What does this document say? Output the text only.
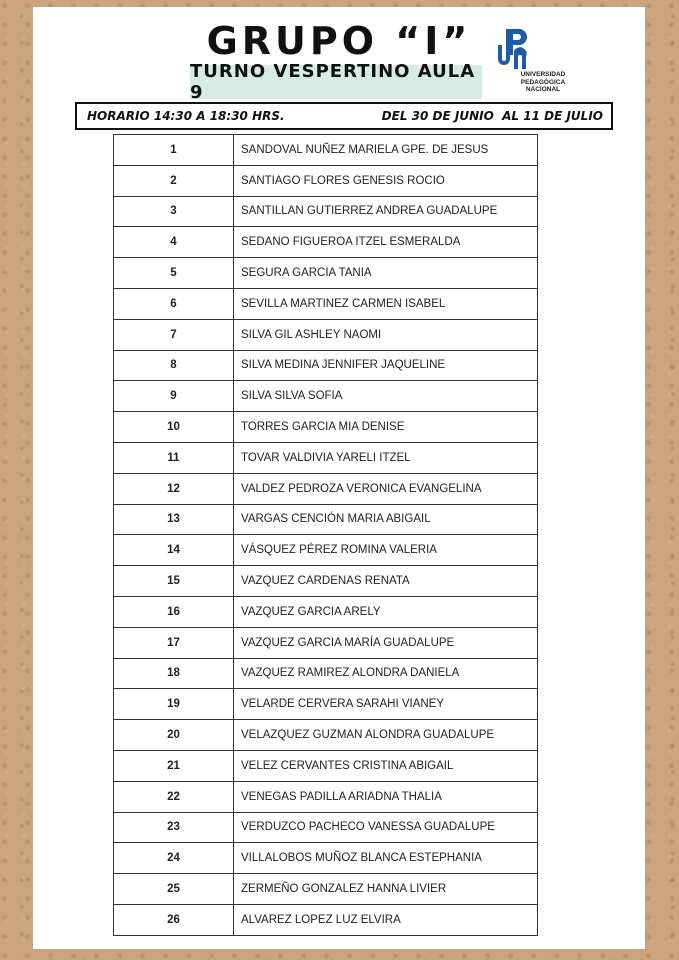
GRUPO “I”
TURNO VESPERTINO AULA 9
UNIVERSIDAD
PEDAGÓGICA
NACIONAL
HORARIO 14:30 A 18:30 HRS.	DEL 30 DE JUNIO  AL 11 DE JULIO
1	SANDOVAL NUÑEZ MARIELA GPE. DE JESUS
2	SANTIAGO FLORES GENESIS ROCIO
3	SANTILLAN GUTIERREZ ANDREA GUADALUPE
4	SEDANO FIGUEROA ITZEL ESMERALDA
5	SEGURA GARCIA TANIA
6	SEVILLA MARTINEZ CARMEN ISABEL
7	SILVA GIL ASHLEY NAOMI
8	SILVA MEDINA JENNIFER JAQUELINE
9	SILVA SILVA SOFIA
10	TORRES GARCIA MIA DENISE
11	TOVAR VALDIVIA YARELI ITZEL
12	VALDEZ PEDROZA VERONICA EVANGELINA
13	VARGAS CENCIÓN MARIA ABIGAIL
14	VÁSQUEZ PÉREZ ROMINA VALERIA
15	VAZQUEZ CARDENAS RENATA
16	VAZQUEZ GARCIA ARELY
17	VAZQUEZ GARCIA MARÍA GUADALUPE
18	VAZQUEZ RAMIREZ ALONDRA DANIELA
19	VELARDE CERVERA SARAHI VIANEY
20	VELAZQUEZ GUZMAN ALONDRA GUADALUPE
21	VELEZ CERVANTES CRISTINA ABIGAIL
22	VENEGAS PADILLA ARIADNA THALIA
23	VERDUZCO PACHECO VANESSA GUADALUPE
24	VILLALOBOS MUÑOZ BLANCA ESTEPHANIA
25	ZERMEÑO GONZALEZ HANNA LIVIER
26	ALVAREZ LOPEZ LUZ ELVIRA
